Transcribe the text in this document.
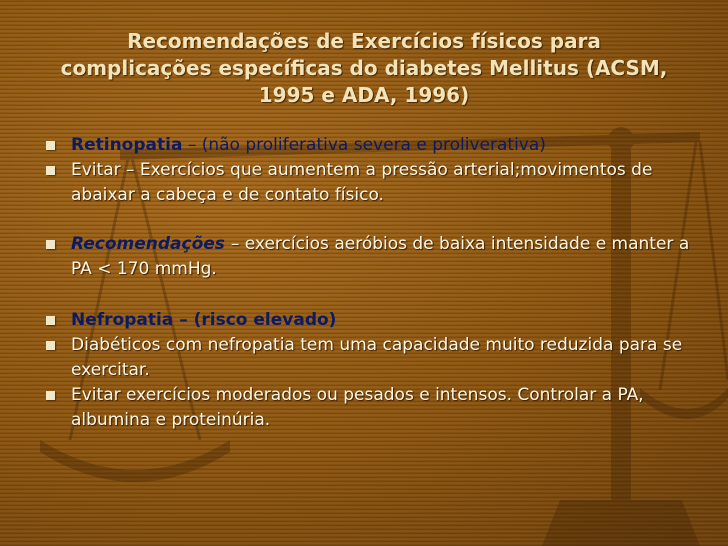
Recomendações de Exercícios físicos para
complicações específicas do diabetes Mellitus (ACSM,
1995 e ADA, 1996)
Retinopatia – (não proliferativa severa e proliverativa)
Evitar – Exercícios que aumentem a pressão arterial;movimentos de abaixar a cabeça e de contato físico.
Recomendações – exercícios aeróbios de baixa intensidade e manter a PA < 170 mmHg.
Nefropatia – (risco elevado)
Diabéticos com nefropatia tem uma capacidade muito reduzida para se exercitar.
Evitar exercícios moderados ou pesados e intensos. Controlar a PA, albumina e proteinúria.
